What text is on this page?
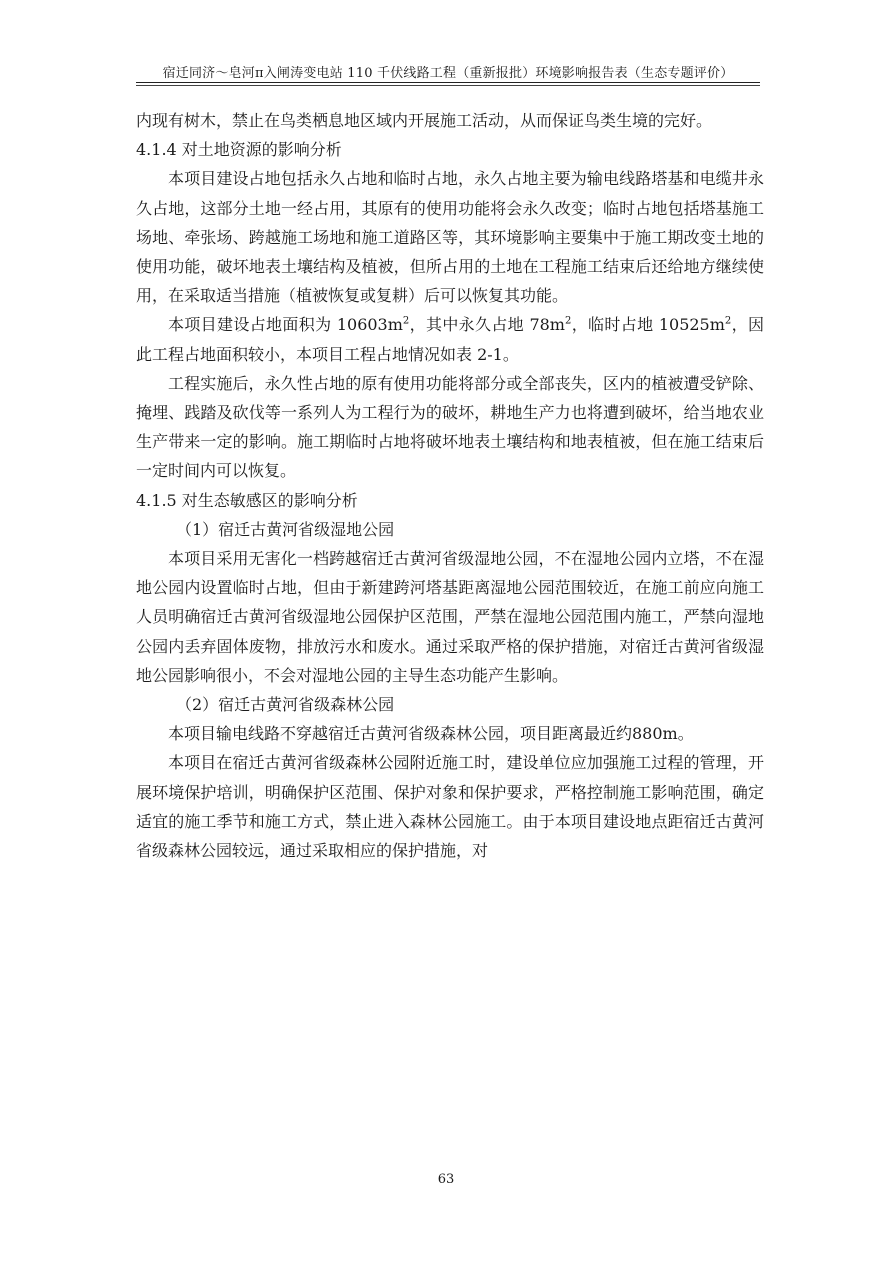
宿迁同济～皂河π入闸涛变电站 110 千伏线路工程（重新报批）环境影响报告表（生态专题评价）

内现有树木，禁止在鸟类栖息地区域内开展施工活动，从而保证鸟类生境的完好。

4.1.4 对土地资源的影响分析

本项目建设占地包括永久占地和临时占地，永久占地主要为输电线路塔基和电缆井永久占地，这部分土地一经占用，其原有的使用功能将会永久改变；临时占地包括塔基施工场地、牵张场、跨越施工场地和施工道路区等，其环境影响主要集中于施工期改变土地的使用功能，破坏地表土壤结构及植被，但所占用的土地在工程施工结束后还给地方继续使用，在采取适当措施（植被恢复或复耕）后可以恢复其功能。

本项目建设占地面积为 $10603m^2$，其中永久占地 $78m^2$，临时占地 $10525m^2$，因此工程占地面积较小，本项目工程占地情况如表 2-1。

工程实施后，永久性占地的原有使用功能将部分或全部丧失，区内的植被遭受铲除、掩埋、践踏及砍伐等一系列人为工程行为的破坏，耕地生产力也将遭到破坏，给当地农业生产带来一定的影响。施工期临时占地将破坏地表土壤结构和地表植被，但在施工结束后一定时间内可以恢复。

4.1.5 对生态敏感区的影响分析

（1）宿迁古黄河省级湿地公园

本项目采用无害化一档跨越宿迁古黄河省级湿地公园，不在湿地公园内立塔，不在湿地公园内设置临时占地，但由于新建跨河塔基距离湿地公园范围较近，在施工前应向施工人员明确宿迁古黄河省级湿地公园保护区范围，严禁在湿地公园范围内施工，严禁向湿地公园内丢弃固体废物，排放污水和废水。通过采取严格的保护措施，对宿迁古黄河省级湿地公园影响很小，不会对湿地公园的主导生态功能产生影响。

（2）宿迁古黄河省级森林公园

本项目输电线路不穿越宿迁古黄河省级森林公园，项目距离最近约880m。

本项目在宿迁古黄河省级森林公园附近施工时，建设单位应加强施工过程的管理，开展环境保护培训，明确保护区范围、保护对象和保护要求，严格控制施工影响范围，确定适宜的施工季节和施工方式，禁止进入森林公园施工。由于本项目建设地点距宿迁古黄河省级森林公园较远，通过采取相应的保护措施，对

63
